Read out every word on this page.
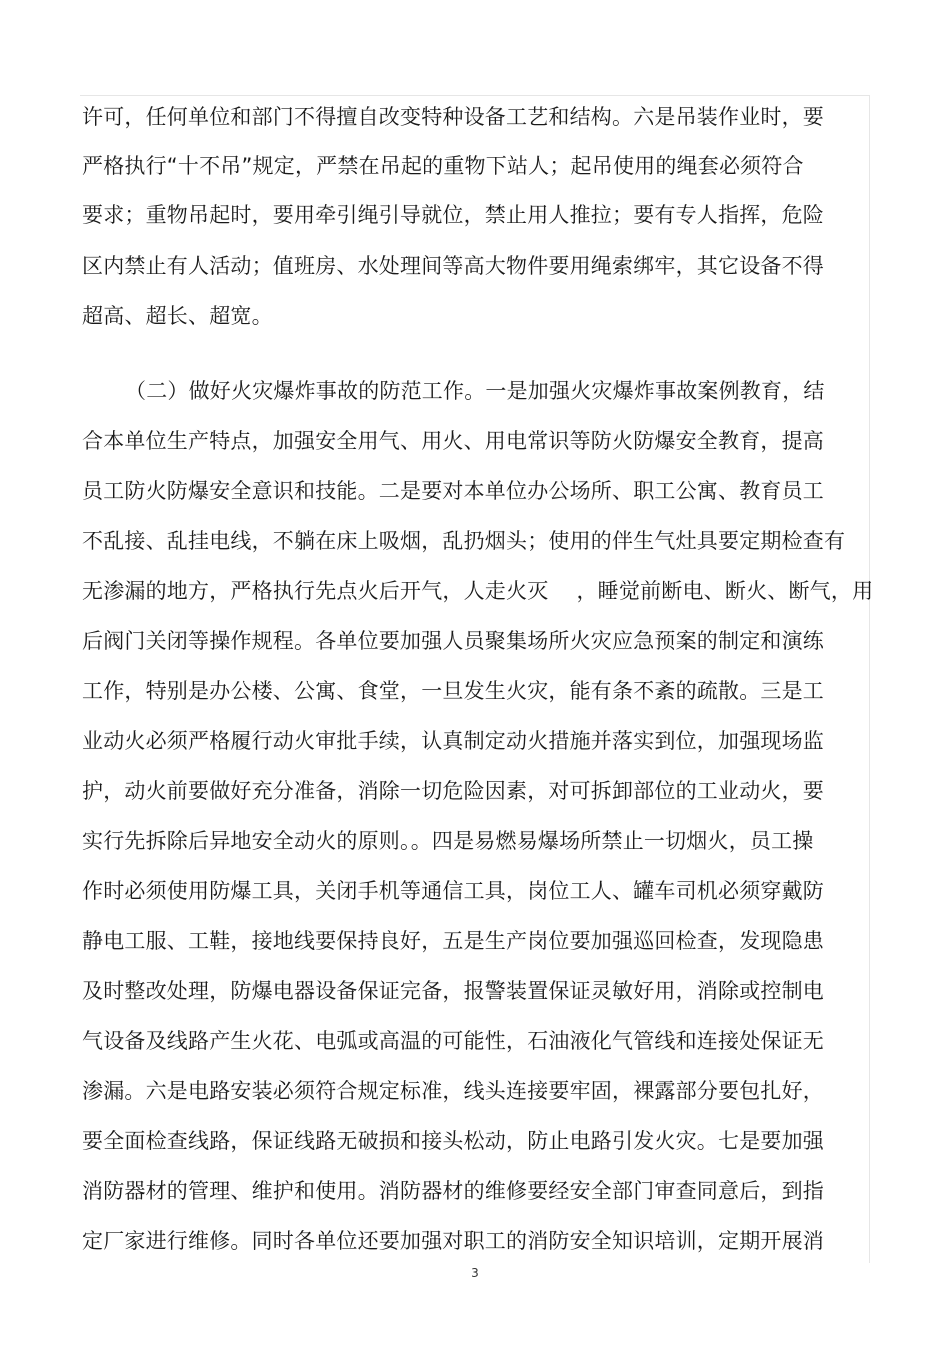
许可，任何单位和部门不得擅自改变特种设备工艺和结构。六是吊装作业时，要
严格执行“十不吊”规定，严禁在吊起的重物下站人；起吊使用的绳套必须符合
要求；重物吊起时，要用牵引绳引导就位，禁止用人推拉；要有专人指挥，危险
区内禁止有人活动；值班房、水处理间等高大物件要用绳索绑牢，其它设备不得
超高、超长、超宽。
（二）做好火灾爆炸事故的防范工作。一是加强火灾爆炸事故案例教育，结
合本单位生产特点，加强安全用气、用火、用电常识等防火防爆安全教育，提高
员工防火防爆安全意识和技能。二是要对本单位办公场所、职工公寓、教育员工
不乱接、乱挂电线，不躺在床上吸烟，乱扔烟头；使用的伴生气灶具要定期检查有
无渗漏的地方，严格执行先点火后开气，人走火灭　 ，睡觉前断电、断火、断气，用
后阀门关闭等操作规程。各单位要加强人员聚集场所火灾应急预案的制定和演练
工作，特别是办公楼、公寓、食堂，一旦发生火灾，能有条不紊的疏散。三是工
业动火必须严格履行动火审批手续，认真制定动火措施并落实到位，加强现场监
护，动火前要做好充分准备，消除一切危险因素，对可拆卸部位的工业动火，要
实行先拆除后异地安全动火的原则。。四是易燃易爆场所禁止一切烟火，员工操
作时必须使用防爆工具，关闭手机等通信工具，岗位工人、罐车司机必须穿戴防
静电工服、工鞋，接地线要保持良好，五是生产岗位要加强巡回检查，发现隐患
及时整改处理，防爆电器设备保证完备，报警装置保证灵敏好用，消除或控制电
气设备及线路产生火花、电弧或高温的可能性，石油液化气管线和连接处保证无
渗漏。六是电路安装必须符合规定标准，线头连接要牢固，裸露部分要包扎好，
要全面检查线路，保证线路无破损和接头松动，防止电路引发火灾。七是要加强
消防器材的管理、维护和使用。消防器材的维修要经安全部门审查同意后，到指
定厂家进行维修。同时各单位还要加强对职工的消防安全知识培训，定期开展消
3
